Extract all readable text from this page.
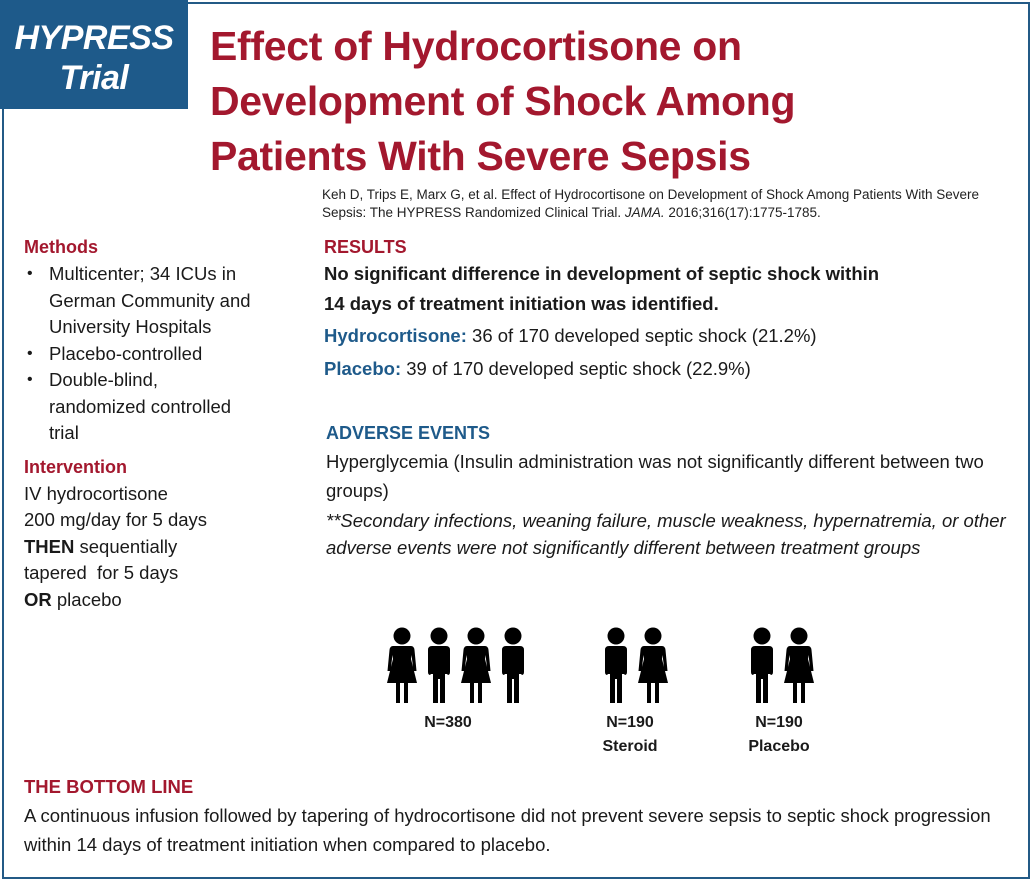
HYPRESS
Trial
Effect of Hydrocortisone on Development of Shock Among Patients With Severe Sepsis

Keh D, Trips E, Marx G, et al. Effect of Hydrocortisone on Development of Shock Among Patients With Severe Sepsis: The HYPRESS Randomized Clinical Trial. JAMA. 2016;316(17):1775-1785.

Methods
• Multicenter; 34 ICUs in German Community and University Hospitals
• Placebo-controlled
• Double-blind, randomized controlled trial
Intervention
IV hydrocortisone
200 mg/day for 5 days
THEN sequentially
tapered  for 5 days
OR placebo
RESULTS
No significant difference in development of septic shock within
14 days of treatment initiation was identified.
Hydrocortisone: 36 of 170 developed septic shock (21.2%)
Placebo: 39 of 170 developed septic shock (22.9%)
ADVERSE EVENTS
Hyperglycemia (Insulin administration was not significantly different between two groups)
**Secondary infections, weaning failure, muscle weakness, hypernatremia, or other adverse events were not significantly different between treatment groups
N=380	N=190
Steroid
N=190
Placebo
THE BOTTOM LINE
A continuous infusion followed by tapering of hydrocortisone did not prevent severe sepsis to septic shock progression within 14 days of treatment initiation when compared to placebo.
